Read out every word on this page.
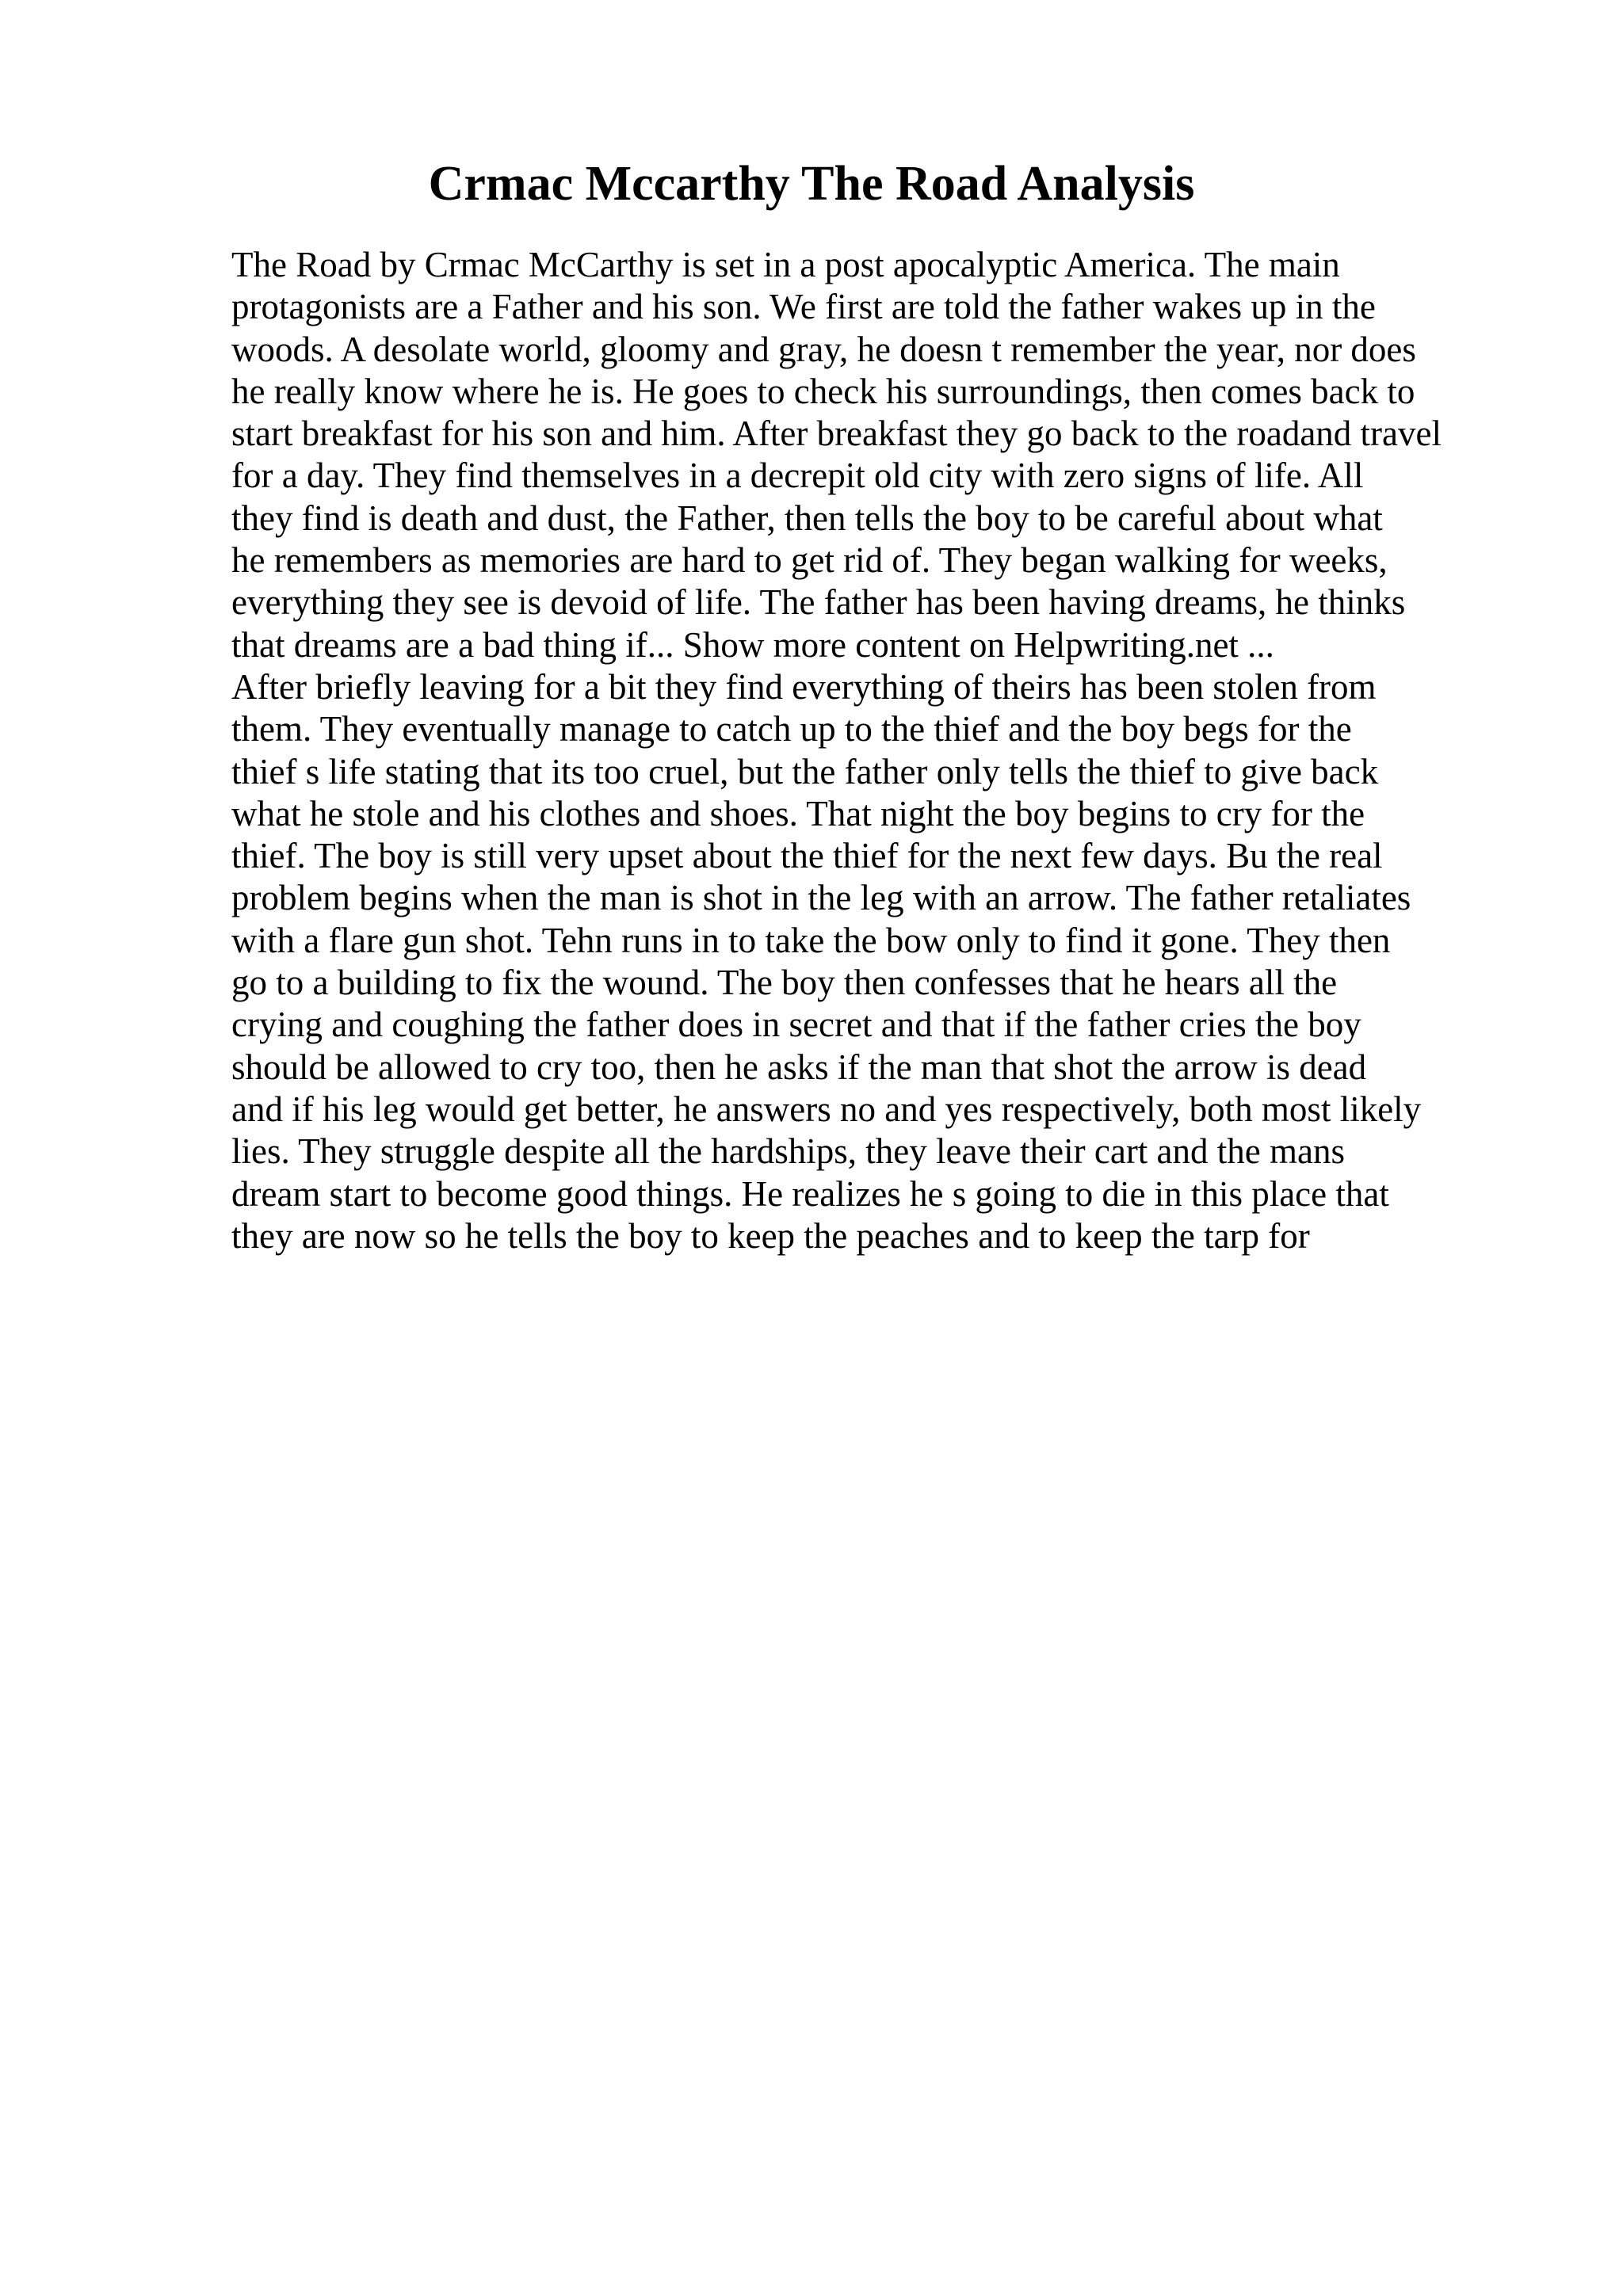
Crmac Mccarthy The Road Analysis
The Road by Crmac McCarthy is set in a post apocalyptic America. The main
protagonists are a Father and his son. We first are told the father wakes up in the
woods. A desolate world, gloomy and gray, he doesn t remember the year, nor does
he really know where he is. He goes to check his surroundings, then comes back to
start breakfast for his son and him. After breakfast they go back to the roadand travel
for a day. They find themselves in a decrepit old city with zero signs of life. All
they find is death and dust, the Father, then tells the boy to be careful about what
he remembers as memories are hard to get rid of. They began walking for weeks,
everything they see is devoid of life. The father has been having dreams, he thinks
that dreams are a bad thing if... Show more content on Helpwriting.net ...
After briefly leaving for a bit they find everything of theirs has been stolen from
them. They eventually manage to catch up to the thief and the boy begs for the
thief s life stating that its too cruel, but the father only tells the thief to give back
what he stole and his clothes and shoes. That night the boy begins to cry for the
thief. The boy is still very upset about the thief for the next few days. Bu the real
problem begins when the man is shot in the leg with an arrow. The father retaliates
with a flare gun shot. Tehn runs in to take the bow only to find it gone. They then
go to a building to fix the wound. The boy then confesses that he hears all the
crying and coughing the father does in secret and that if the father cries the boy
should be allowed to cry too, then he asks if the man that shot the arrow is dead
and if his leg would get better, he answers no and yes respectively, both most likely
lies. They struggle despite all the hardships, they leave their cart and the mans
dream start to become good things. He realizes he s going to die in this place that
they are now so he tells the boy to keep the peaches and to keep the tarp for
